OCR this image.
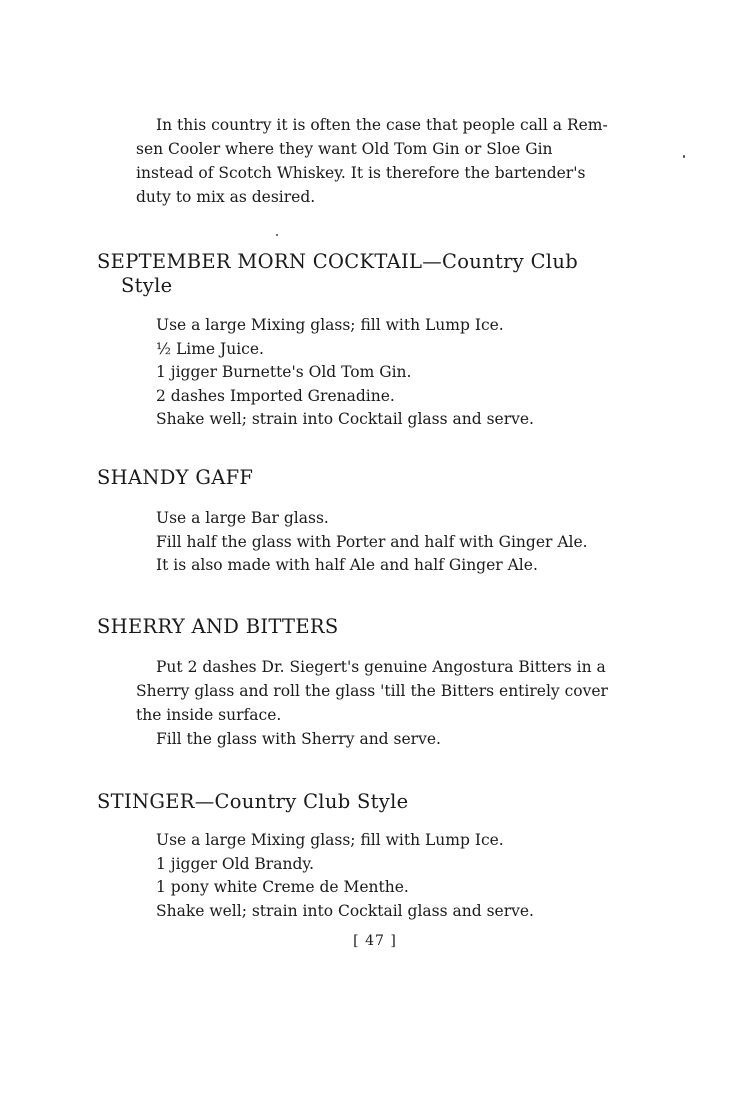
In this country it is often the case that people call a Rem-
sen Cooler where they want Old Tom Gin or Sloe Gin
instead of Scotch Whiskey. It is therefore the bartender's
duty to mix as desired.
SEPTEMBER MORN COCKTAIL—Country Club
Style
Use a large Mixing glass; fill with Lump Ice.
½ Lime Juice.
1 jigger Burnette's Old Tom Gin.
2 dashes Imported Grenadine.
Shake well; strain into Cocktail glass and serve.
SHANDY GAFF
Use a large Bar glass.
Fill half the glass with Porter and half with Ginger Ale.
It is also made with half Ale and half Ginger Ale.
SHERRY AND BITTERS
Put 2 dashes Dr. Siegert's genuine Angostura Bitters in a
Sherry glass and roll the glass 'till the Bitters entirely cover
the inside surface.
Fill the glass with Sherry and serve.
STINGER—Country Club Style
Use a large Mixing glass; fill with Lump Ice.
1 jigger Old Brandy.
1 pony white Creme de Menthe.
Shake well; strain into Cocktail glass and serve.
[ 47 ]
